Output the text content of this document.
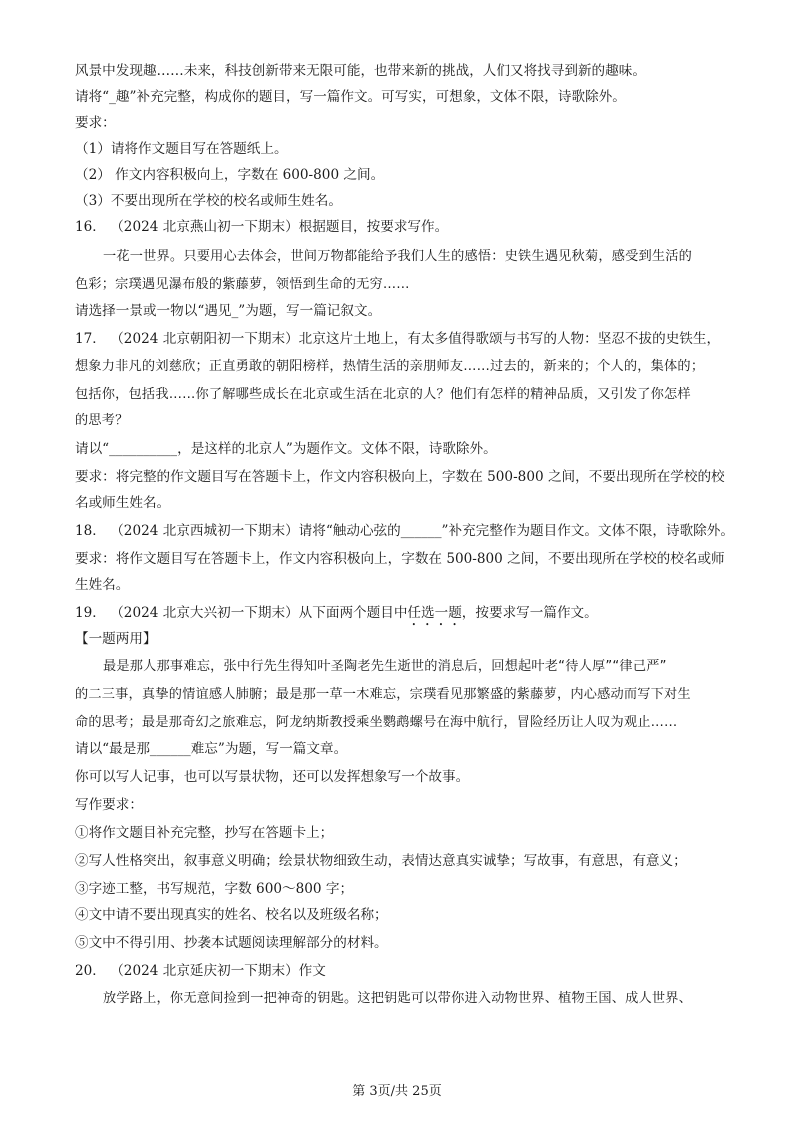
风景中发现趣……未来，科技创新带来无限可能，也带来新的挑战，人们又将找寻到新的趣味。
请将“_趣”补充完整，构成你的题目，写一篇作文。可写实，可想象，文体不限，诗歌除外。
要求：
（1）请将作文题目写在答题纸上。
（2） 作文内容积极向上，字数在 600-800 之间。
（3）不要出现所在学校的校名或师生姓名。
16． （2024 北京燕山初一下期末）根据题目，按要求写作。
一花一世界。只要用心去体会，世间万物都能给予我们人生的感悟：史铁生遇见秋菊，感受到生活的
色彩；宗璞遇见瀑布般的紫藤萝，领悟到生命的无穷……
请选择一景或一物以“遇见_”为题，写一篇记叙文。
17． （2024 北京朝阳初一下期末）北京这片土地上，有太多值得歌颂与书写的人物：坚忍不拔的史铁生，
想象力非凡的刘慈欣；正直勇敢的朝阳榜样，热情生活的亲朋师友……过去的，新来的；个人的，集体的；
包括你，包括我……你了解哪些成长在北京或生活在北京的人？他们有怎样的精神品质，又引发了你怎样
的思考？
请以“__________，是这样的北京人”为题作文。文体不限，诗歌除外。
要求：将完整的作文题目写在答题卡上，作文内容积极向上，字数在 500-800 之间，不要出现所在学校的校
名或师生姓名。
18． （2024 北京西城初一下期末）请将“触动心弦的______”补充完整作为题目作文。文体不限，诗歌除外。
要求：将作文题目写在答题卡上，作文内容积极向上，字数在 500-800 之间，不要出现所在学校的校名或师
生姓名。
19． （2024 北京大兴初一下期末）从下面两个题目中任选一题，按要求写一篇作文。
【一题两用】
最是那人那事难忘，张中行先生得知叶圣陶老先生逝世的消息后，回想起叶老“待人厚”“律己严”
的二三事，真挚的情谊感人肺腑；最是那一草一木难忘，宗璞看见那繁盛的紫藤萝，内心感动而写下对生
命的思考；最是那奇幻之旅难忘，阿龙纳斯教授乘坐鹦鹉螺号在海中航行，冒险经历让人叹为观止……
请以“最是那______难忘”为题，写一篇文章。
你可以写人记事，也可以写景状物，还可以发挥想象写一个故事。
写作要求：
①将作文题目补充完整，抄写在答题卡上；
②写人性格突出，叙事意义明确；绘景状物细致生动，表情达意真实诚挚；写故事，有意思，有意义；
③字迹工整，书写规范，字数 600～800 字；
④文中请不要出现真实的姓名、校名以及班级名称；
⑤文中不得引用、抄袭本试题阅读理解部分的材料。
20． （2024 北京延庆初一下期末）作文
放学路上，你无意间捡到一把神奇的钥匙。这把钥匙可以带你进入动物世界、植物王国、成人世界、
第 3页/共 25页
